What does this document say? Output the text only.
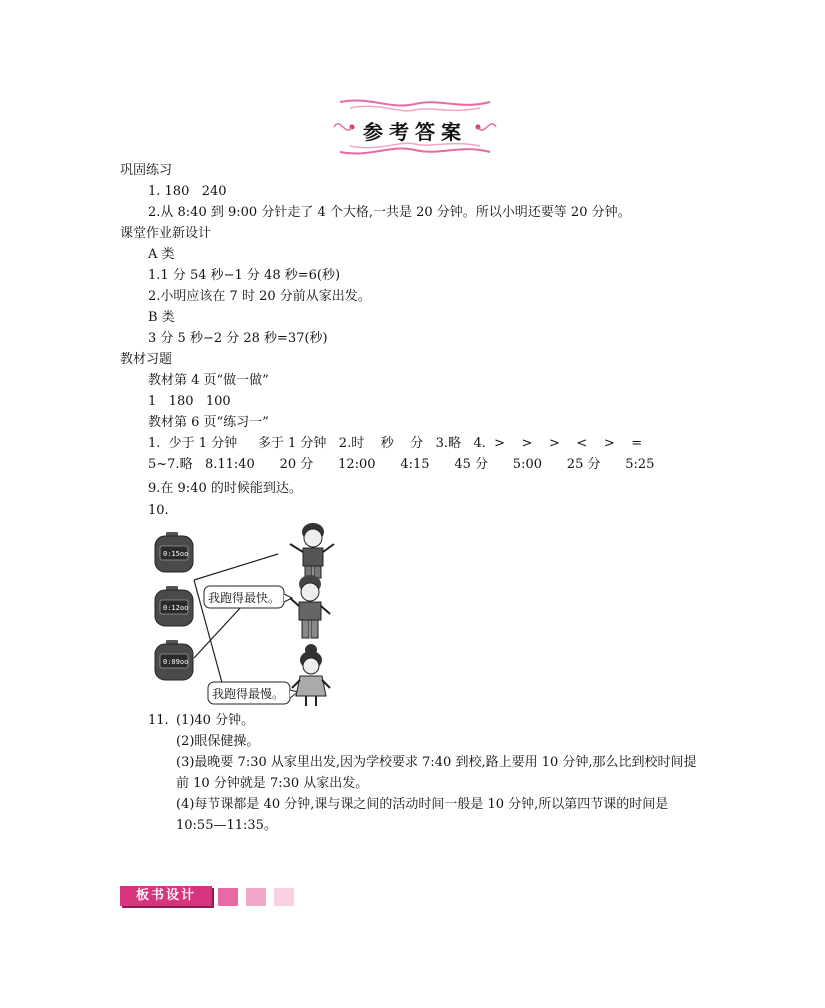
参考答案
巩固练习
1. 180   240
2.从 8:40 到 9:00 分针走了 4 个大格,一共是 20 分钟。所以小明还要等 20 分钟。
课堂作业新设计
A 类
1.1 分 54 秒−1 分 48 秒=6(秒)
2.小明应该在 7 时 20 分前从家出发。
B 类
3 分 5 秒−2 分 28 秒=37(秒)
教材习题
教材第 4 页“做一做”
1   180   100
教材第 6 页“练习一”
1.  少于 1 分钟     多于 1 分钟   2.时    秒    分   3.略   4.  >    >    >    <    >    =
5~7.略   8.11:40      20 分      12:00      4:15      45 分      5:00      25 分      5:25
9.在 9:40 的时候能到达。
10.
0:15oo
0:12oo
0:09oo
我跑得最快。
我跑得最慢。
11. (1)40 分钟。
(2)眼保健操。
(3)最晚要 7:30 从家里出发,因为学校要求 7:40 到校,路上要用 10 分钟,那么比到校时间提
前 10 分钟就是 7:30 从家出发。
(4)每节课都是 40 分钟,课与课之间的活动时间一般是 10 分钟,所以第四节课的时间是
10:55—11:35。
板书设计
